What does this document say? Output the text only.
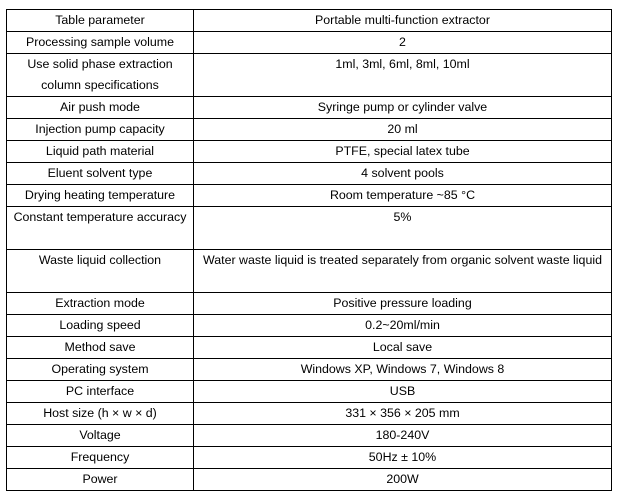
Table parameter	Portable multi-function extractor
Processing sample volume	2
Use solid phase extraction column specifications	1ml, 3ml, 6ml, 8ml, 10ml
Air push mode	Syringe pump or cylinder valve
Injection pump capacity	20 ml
Liquid path material	PTFE, special latex tube
Eluent solvent type	4 solvent pools
Drying heating temperature	Room temperature ~85 °C
Constant temperature accuracy	5%
Waste liquid collection	Water waste liquid is treated separately from organic solvent waste liquid
Extraction mode	Positive pressure loading
Loading speed	0.2~20ml/min
Method save	Local save
Operating system	Windows XP, Windows 7, Windows 8
PC interface	USB
Host size (h × w × d)	331 × 356 × 205 mm
Voltage	180-240V
Frequency	50Hz ± 10%
Power	200W
